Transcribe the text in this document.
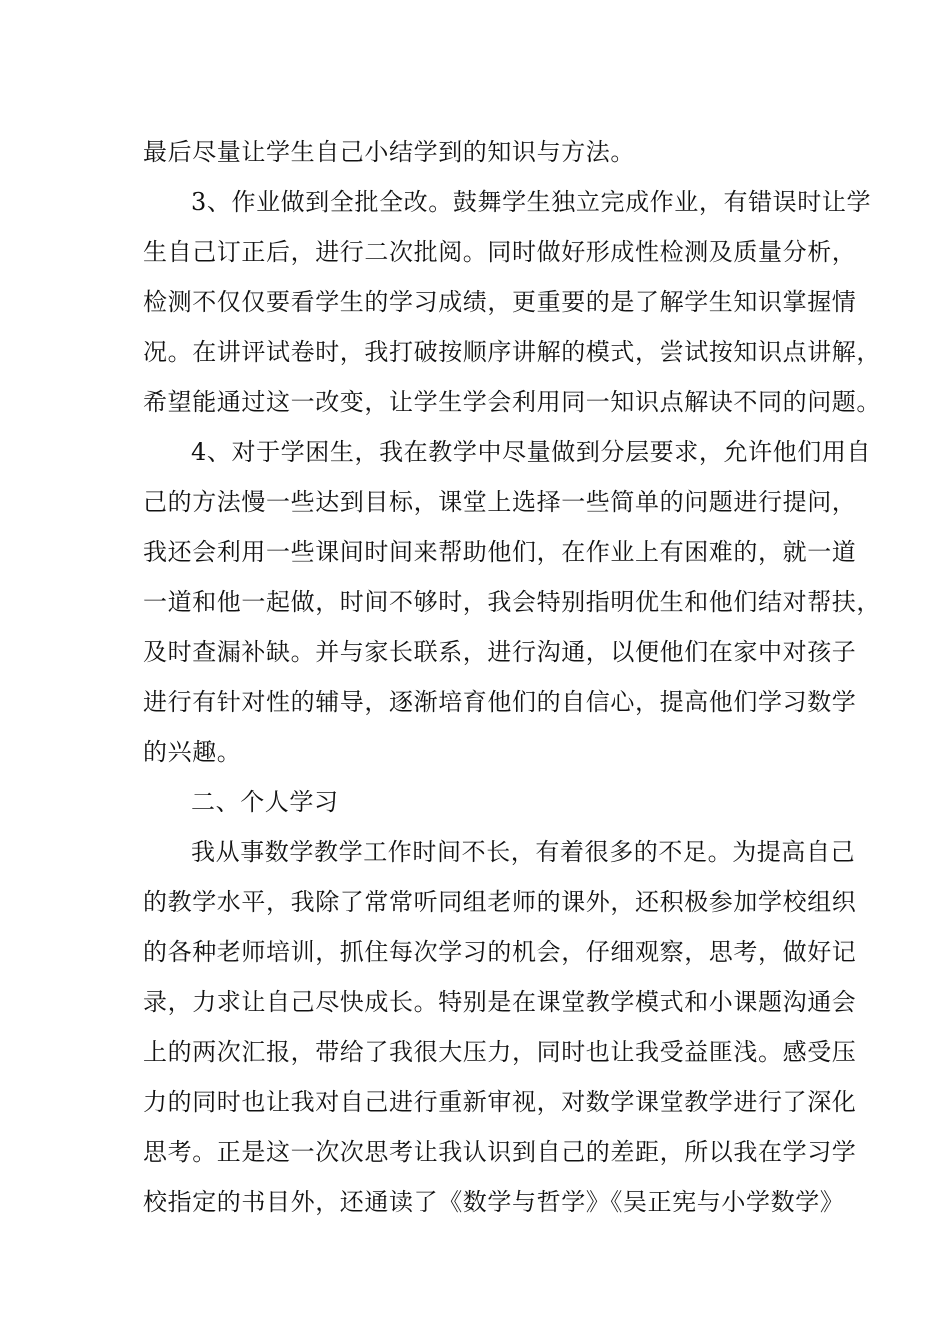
最后尽量让学生自己小结学到的知识与方法。
3、作业做到全批全改。鼓舞学生独立完成作业，有错误时让学
生自己订正后，进行二次批阅。同时做好形成性检测及质量分析，
检测不仅仅要看学生的学习成绩，更重要的是了解学生知识掌握情
况。在讲评试卷时，我打破按顺序讲解的模式，尝试按知识点讲解，
希望能通过这一改变，让学生学会利用同一知识点解诀不同的问题。
4、对于学困生，我在教学中尽量做到分层要求，允许他们用自
己的方法慢一些达到目标，课堂上选择一些简单的问题进行提问，
我还会利用一些课间时间来帮助他们，在作业上有困难的，就一道
一道和他一起做，时间不够时，我会特别指明优生和他们结对帮扶，
及时查漏补缺。并与家长联系，进行沟通，以便他们在家中对孩子
进行有针对性的辅导，逐渐培育他们的自信心，提高他们学习数学
的兴趣。
二、个人学习
我从事数学教学工作时间不长，有着很多的不足。为提高自己
的教学水平，我除了常常听同组老师的课外，还积极参加学校组织
的各种老师培训，抓住每次学习的机会，仔细观察，思考，做好记
录，力求让自己尽快成长。特别是在课堂教学模式和小课题沟通会
上的两次汇报，带给了我很大压力，同时也让我受益匪浅。感受压
力的同时也让我对自己进行重新审视，对数学课堂教学进行了深化
思考。正是这一次次思考让我认识到自己的差距，所以我在学习学
校指定的书目外，还通读了《数学与哲学》《吴正宪与小学数学》
